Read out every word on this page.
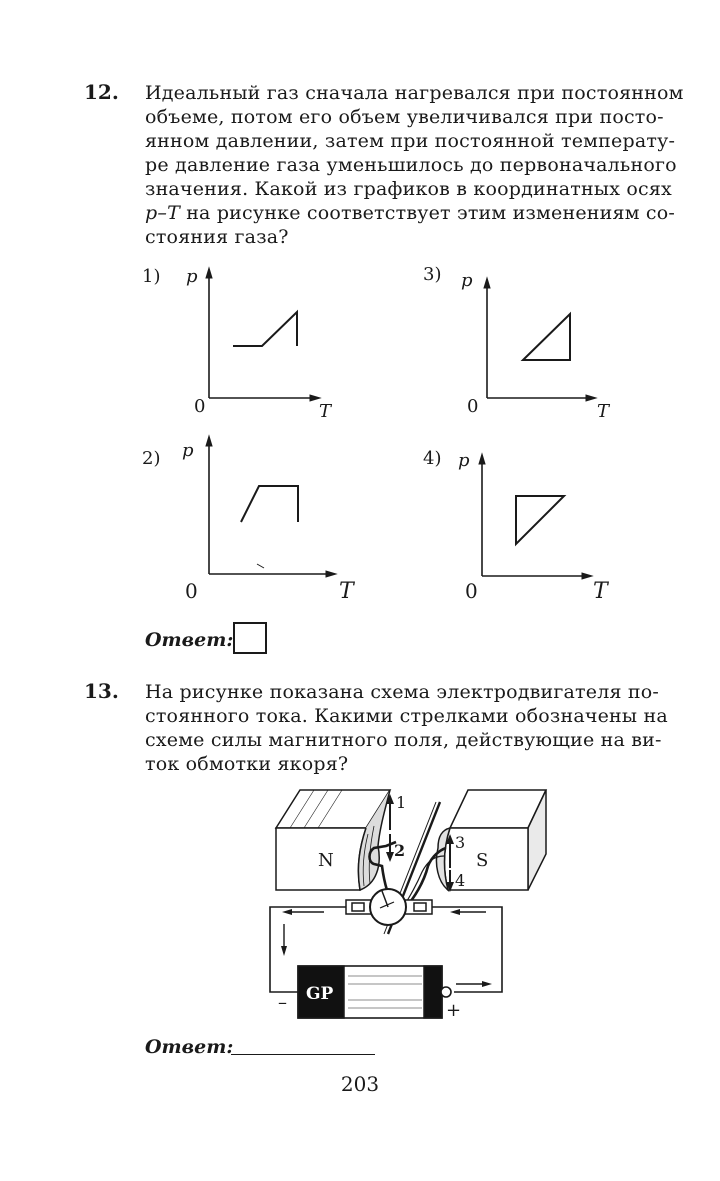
12. Идеальный газ сначала нагревался при постоянном
объеме, потом его объем увеличивался при посто-
янном давлении, затем при постоянной температу-
ре давление газа уменьшилось до первоначального
значения. Какой из графиков в координатных осях
p–T на рисунке соответствует этим изменениям со-
стояния газа?

1) p
0	T
3) p
0	T
2) p
0	T
4) p
0	T
Ответ:
13. На рисунке показана схема электродвигателя по-
стоянного тока. Какими стрелками обозначены на
схеме силы магнитного поля, действующие на ви-
ток обмотки якоря?

N	S
1
2	3
4
GP
–	+
Ответ:
203
